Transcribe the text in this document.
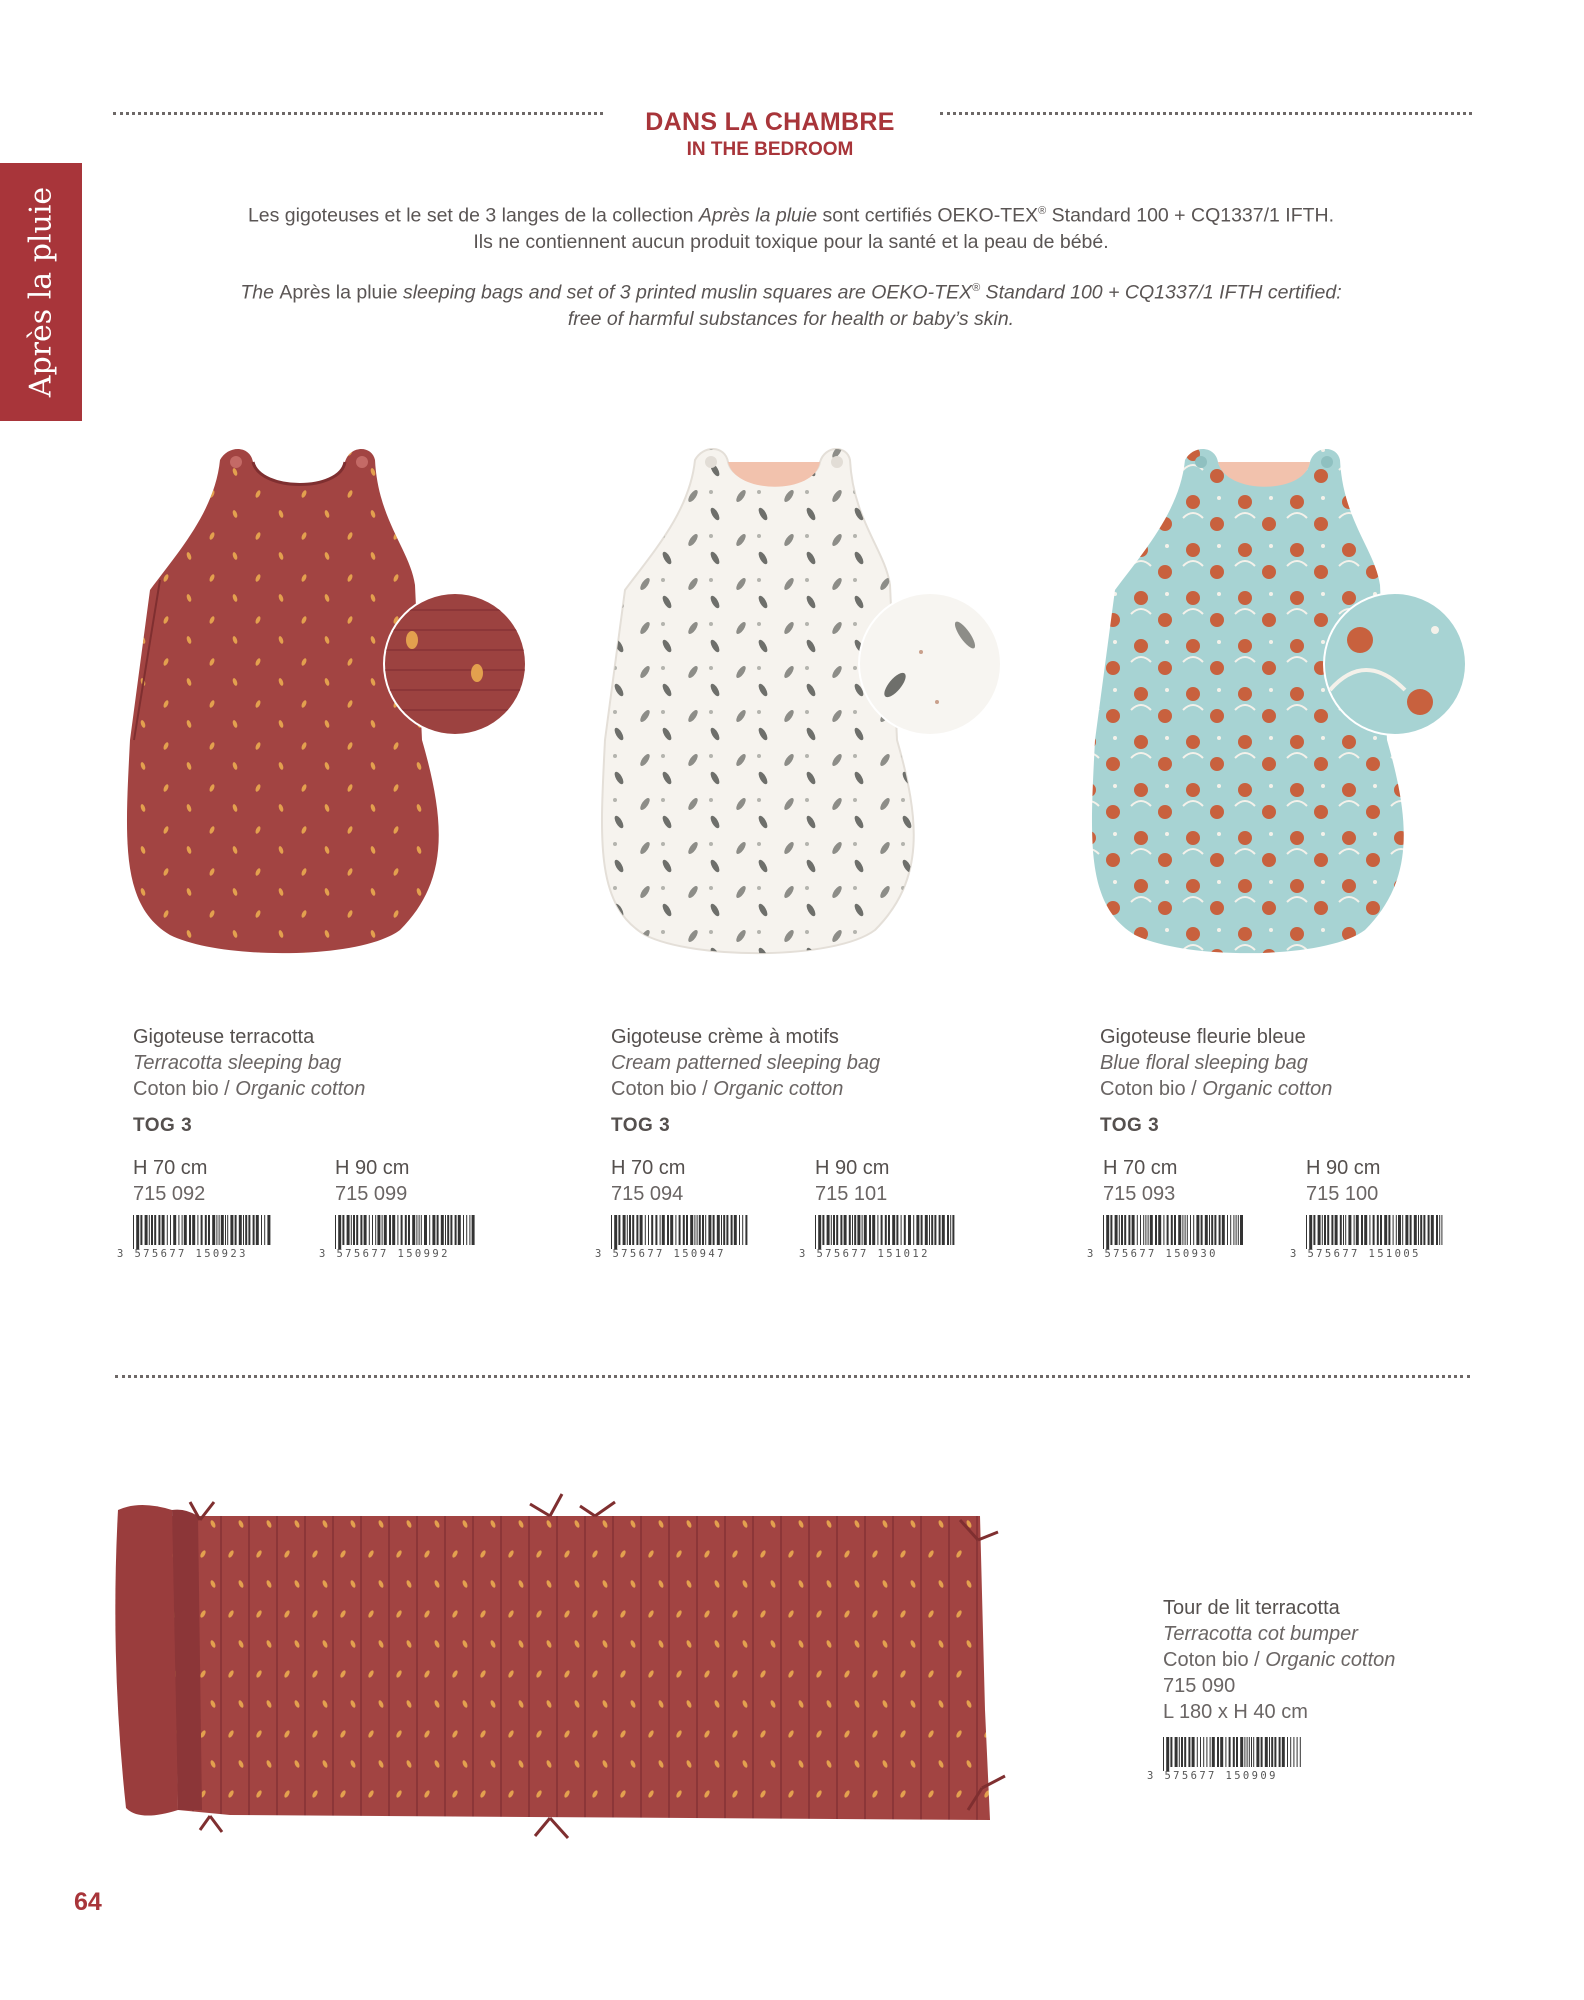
Après la pluie
DANS LA CHAMBRE
IN THE BEDROOM
Les gigoteuses et le set de 3 langes de la collection Après la pluie sont certifiés OEKO-TEX® Standard 100 + CQ1337/1 IFTH.
Ils ne contiennent aucun produit toxique pour la santé et la peau de bébé.
The Après la pluie sleeping bags and set of 3 printed muslin squares are OEKO-TEX® Standard 100 + CQ1337/1 IFTH certified:
free of harmful substances for health or baby’s skin.
Gigoteuse terracotta
Terracotta sleeping bag
Coton bio / Organic cotton
TOG 3
H 70 cm
715 092
3 575677 150923
H 90 cm
715 099
3 575677 150992
Gigoteuse crème à motifs
Cream patterned sleeping bag
Coton bio / Organic cotton
TOG 3
H 70 cm
715 094
3 575677 150947
H 90 cm
715 101
3 575677 151012
Gigoteuse fleurie bleue
Blue floral sleeping bag
Coton bio / Organic cotton
TOG 3
H 70 cm
715 093
3 575677 150930
H 90 cm
715 100
3 575677 151005
Tour de lit terracotta
Terracotta cot bumper
Coton bio / Organic cotton
715 090
L 180 x H 40 cm
3 575677 150909
64
